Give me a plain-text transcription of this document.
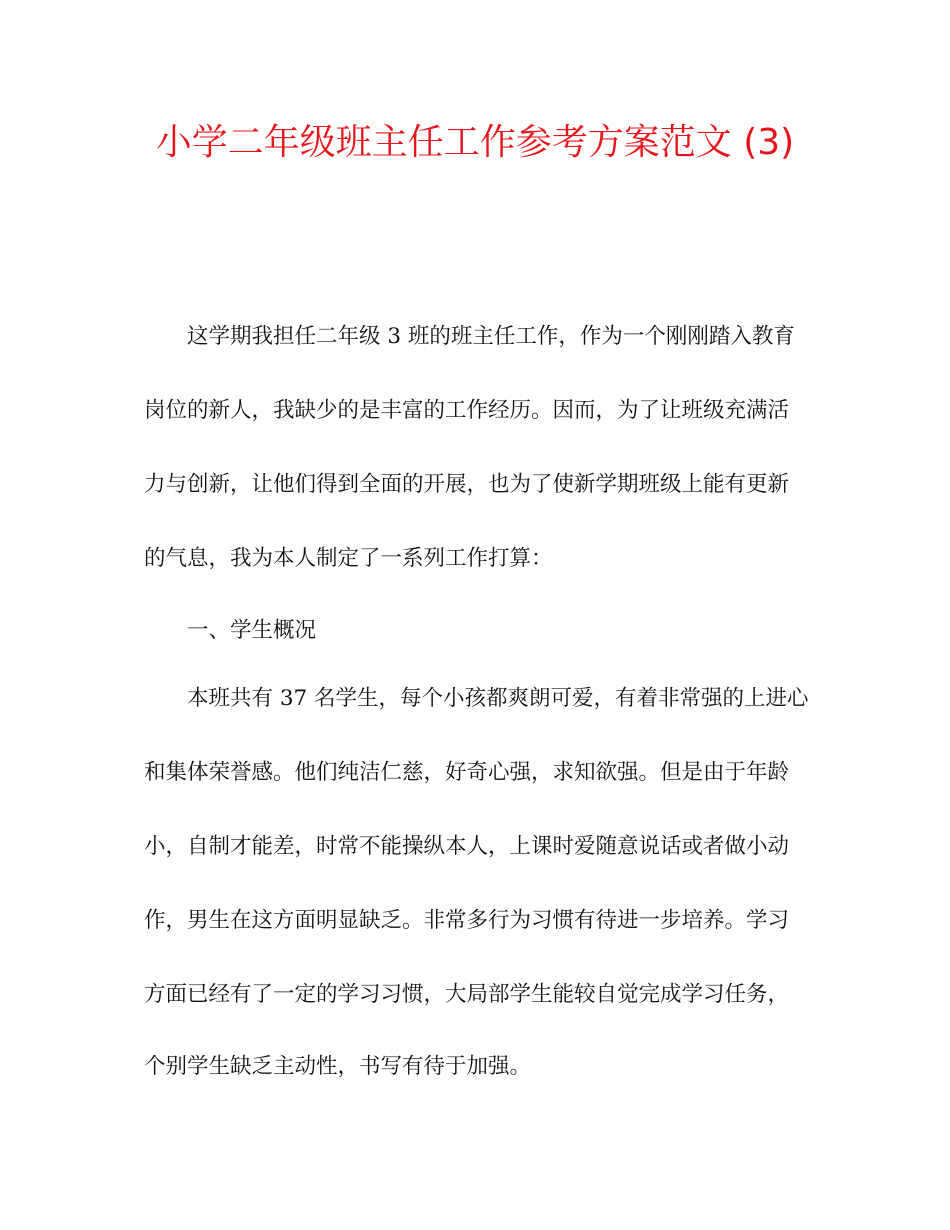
小学二年级班主任工作参考方案范文 (3)
这学期我担任二年级 3 班的班主任工作，作为一个刚刚踏入教育
岗位的新人，我缺少的是丰富的工作经历。因而，为了让班级充满活
力与创新，让他们得到全面的开展，也为了使新学期班级上能有更新
的气息，我为本人制定了一系列工作打算：
一、学生概况
本班共有 37 名学生，每个小孩都爽朗可爱，有着非常强的上进心
和集体荣誉感。他们纯洁仁慈，好奇心强，求知欲强。但是由于年龄
小，自制才能差，时常不能操纵本人，上课时爱随意说话或者做小动
作，男生在这方面明显缺乏。非常多行为习惯有待进一步培养。学习
方面已经有了一定的学习习惯，大局部学生能较自觉完成学习任务，
个别学生缺乏主动性，书写有待于加强。
